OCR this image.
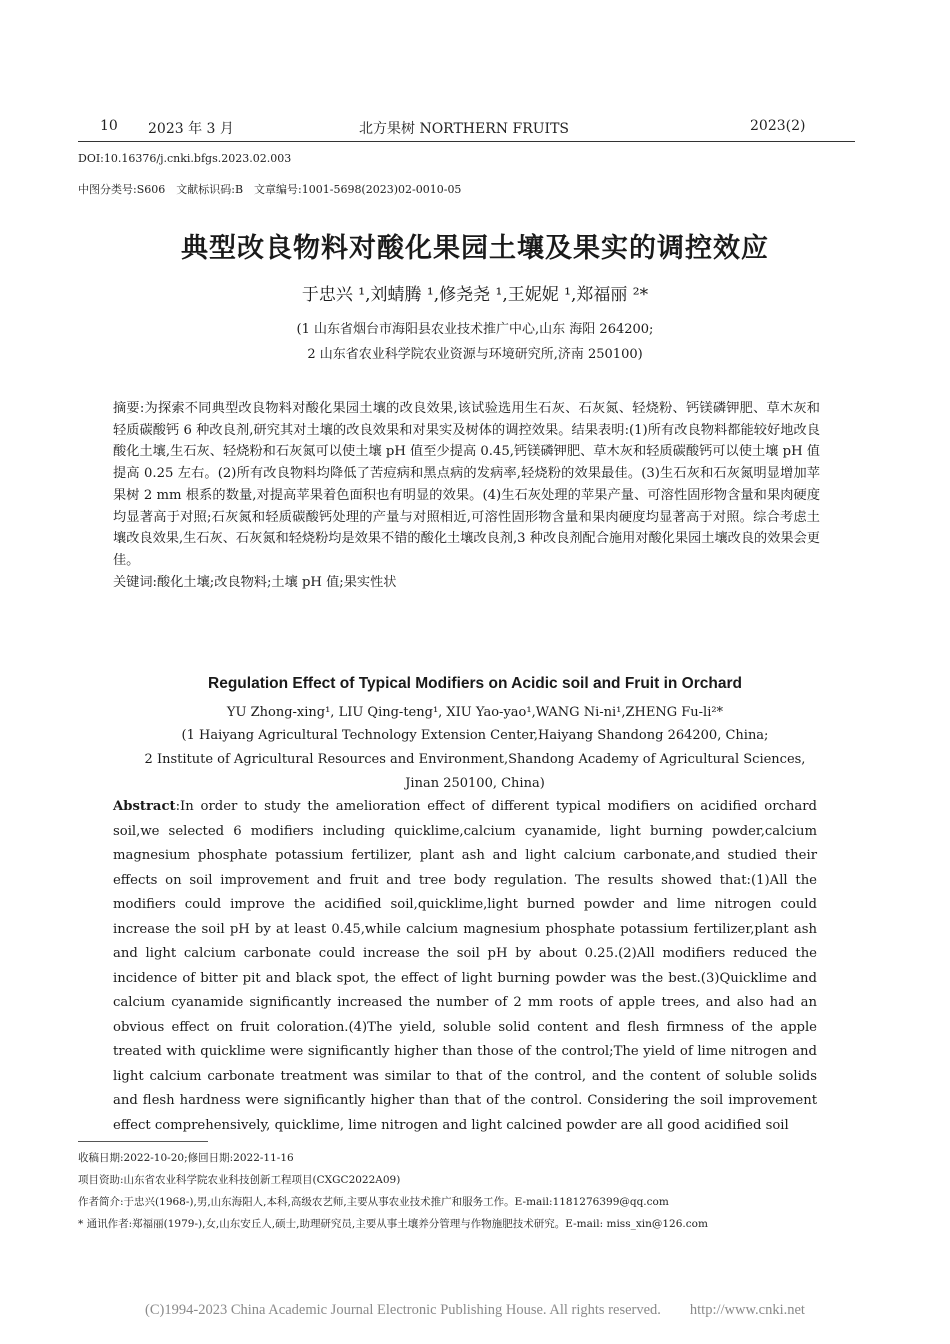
10 2023 年 3 月	北方果树 NORTHERN FRUITS	2023(2)
DOI:10.16376/j.cnki.bfgs.2023.02.003
中图分类号:S606　文献标识码:B　文章编号:1001-5698(2023)02-0010-05
典型改良物料对酸化果园土壤及果实的调控效应
于忠兴 ¹,刘蜻腾 ¹,修尧尧 ¹,王妮妮 ¹,郑福丽 ²*
(1 山东省烟台市海阳县农业技术推广中心,山东 海阳 264200;
2 山东省农业科学院农业资源与环境研究所,济南 250100)

摘要:为探索不同典型改良物料对酸化果园土壤的改良效果,该试验选用生石灰、石灰氮、轻烧粉、钙镁磷钾肥、草木灰和轻质碳酸钙 6 种改良剂,研究其对土壤的改良效果和对果实及树体的调控效果。结果表明:(1)所有改良物料都能较好地改良酸化土壤,生石灰、轻烧粉和石灰氮可以使土壤 pH 值至少提高 0.45,钙镁磷钾肥、草木灰和轻质碳酸钙可以使土壤 pH 值提高 0.25 左右。(2)所有改良物料均降低了苦痘病和黑点病的发病率,轻烧粉的效果最佳。(3)生石灰和石灰氮明显增加苹果树 2 mm 根系的数量,对提高苹果着色面积也有明显的效果。(4)生石灰处理的苹果产量、可溶性固形物含量和果肉硬度均显著高于对照;石灰氮和轻质碳酸钙处理的产量与对照相近,可溶性固形物含量和果肉硬度均显著高于对照。综合考虑土壤改良效果,生石灰、石灰氮和轻烧粉均是效果不错的酸化土壤改良剂,3 种改良剂配合施用对酸化果园土壤改良的效果会更佳。

关键词:酸化土壤;改良物料;土壤 pH 值;果实性状

Regulation Effect of Typical Modifiers on Acidic soil and Fruit in Orchard
YU Zhong-xing¹, LIU Qing-teng¹, XIU Yao-yao¹,WANG Ni-ni¹,ZHENG Fu-li²*
(1 Haiyang Agricultural Technology Extension Center,Haiyang Shandong 264200, China;
2 Institute of Agricultural Resources and Environment,Shandong Academy of Agricultural Sciences,
Jinan 250100, China)

Abstract:In order to study the amelioration effect of different typical modifiers on acidified orchard soil,we selected 6 modifiers including quicklime,calcium cyanamide, light burning powder,calcium magnesium phosphate potassium fertilizer, plant ash and light calcium carbonate,and studied their effects on soil improvement and fruit and tree body regulation. The results showed that:(1)All the modifiers could improve the acidified soil,quicklime,light burned powder and lime nitrogen could increase the soil pH by at least 0.45,while calcium magnesium phosphate potassium fertilizer,plant ash and light calcium carbonate could increase the soil pH by about 0.25.(2)All modifiers reduced the incidence of bitter pit and black spot, the effect of light burning powder was the best.(3)Quicklime and calcium cyanamide significantly increased the number of 2 mm roots of apple trees, and also had an obvious effect on fruit coloration.(4)The yield, soluble solid content and flesh firmness of the apple treated with quicklime were significantly higher than those of the control;The yield of lime nitrogen and light calcium carbonate treatment was similar to that of the control, and the content of soluble solids and flesh hardness were significantly higher than that of the control. Considering the soil improvement effect comprehensively, quicklime, lime nitrogen and light calcined powder are all good acidified soil

收稿日期:2022-10-20;修回日期:2022-11-16
项目资助:山东省农业科学院农业科技创新工程项目(CXGC2022A09)
作者简介:于忠兴(1968-),男,山东海阳人,本科,高级农艺师,主要从事农业技术推广和服务工作。E-mail:1181276399@qq.com
* 通讯作者:郑福丽(1979-),女,山东安丘人,硕士,助理研究员,主要从事土壤养分管理与作物施肥技术研究。E-mail: miss_xin@126.com
(C)1994-2023 China Academic Journal Electronic Publishing House. All rights reserved.　　http://www.cnki.net
